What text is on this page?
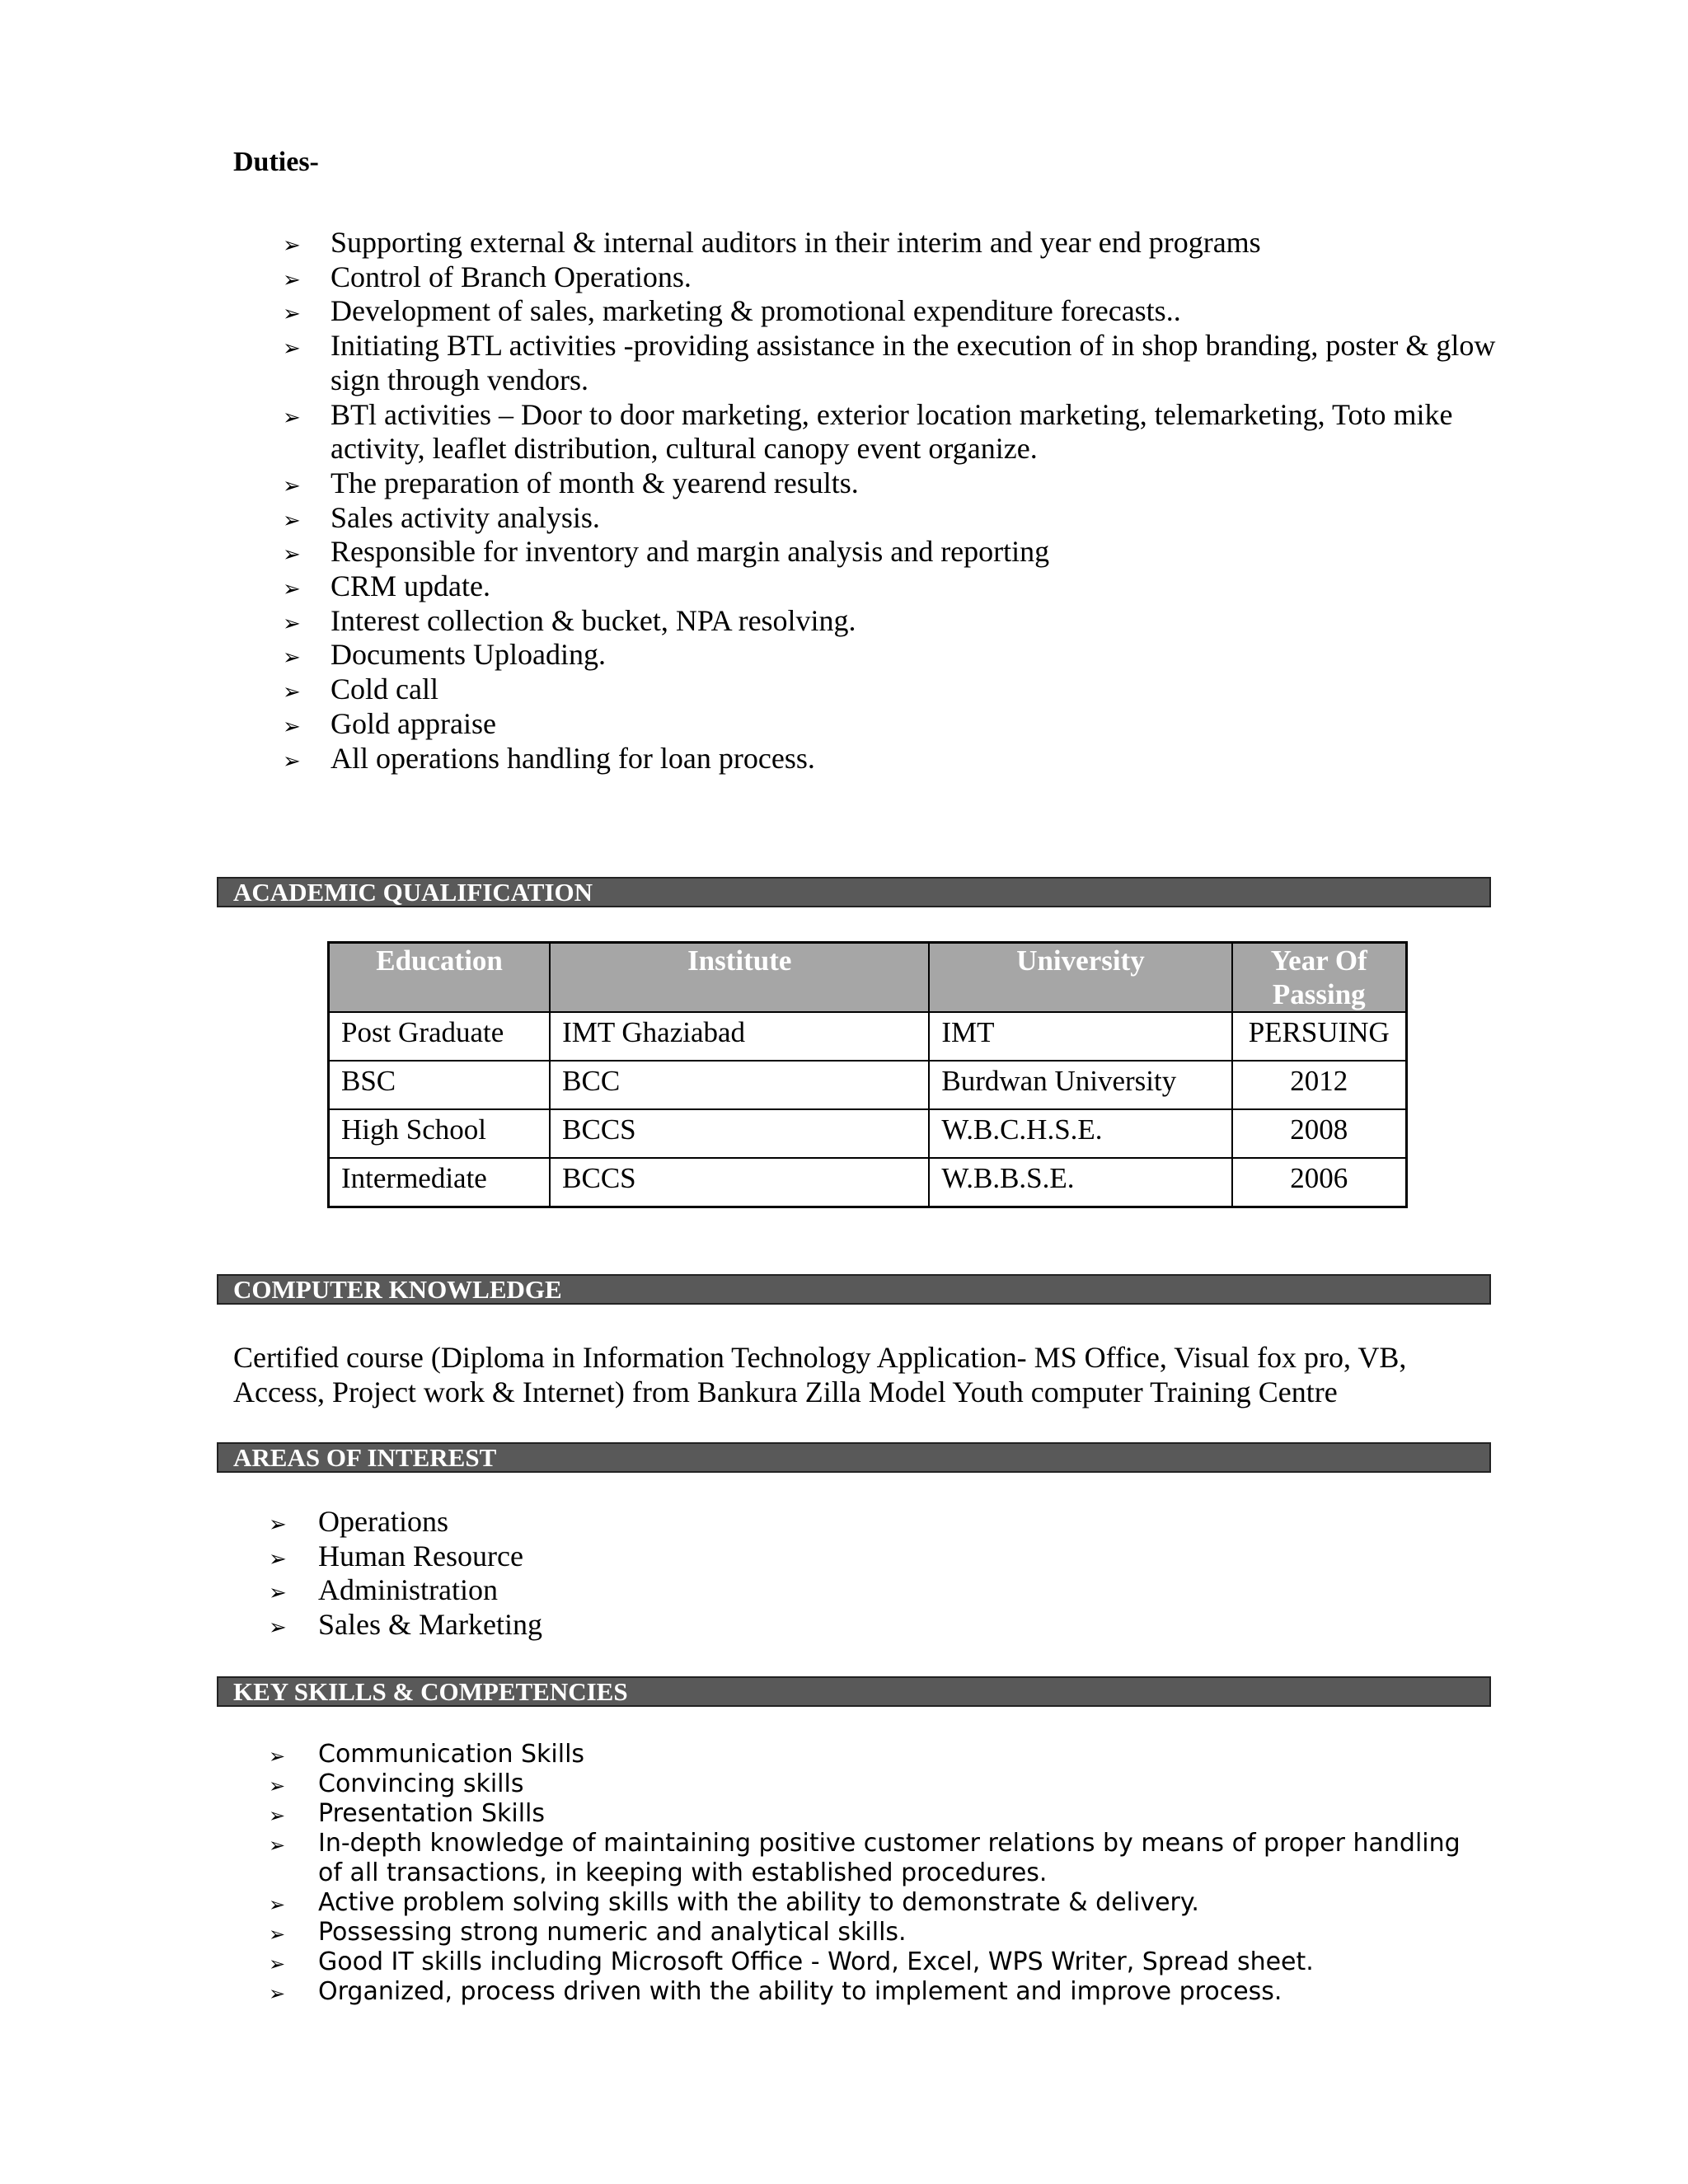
Duties-
➢ Supporting external & internal auditors in their interim and year end programs
➢ Control of Branch Operations.
➢ Development of sales, marketing & promotional expenditure forecasts..
➢ Initiating BTL activities -providing assistance in the execution of in shop branding, poster & glow sign through vendors.
➢ BTl activities – Door to door marketing, exterior location marketing, telemarketing, Toto mike activity, leaflet distribution, cultural canopy event organize.
➢ The preparation of month & yearend results.
➢ Sales activity analysis.
➢ Responsible for inventory and margin analysis and reporting
➢ CRM update.
➢ Interest collection & bucket, NPA resolving.
➢ Documents Uploading.
➢ Cold call
➢ Gold appraise
➢ All operations handling for loan process.
ACADEMIC QUALIFICATION
Education	Institute	University	Year Of Passing
Post Graduate	IMT Ghaziabad	IMT	PERSUING
BSC	BCC	Burdwan University	2012
High School	BCCS	W.B.C.H.S.E.	2008
Intermediate	BCCS	W.B.B.S.E.	2006
COMPUTER KNOWLEDGE
Certified course (Diploma in Information Technology Application- MS Office, Visual fox pro, VB, Access, Project work & Internet) from Bankura Zilla Model Youth computer Training Centre
AREAS OF INTEREST
➢ Operations
➢ Human Resource
➢ Administration
➢ Sales & Marketing
KEY SKILLS & COMPETENCIES
➢ Communication Skills
➢ Convincing skills
➢ Presentation Skills
➢ In-depth knowledge of maintaining positive customer relations by means of proper handling of all transactions, in keeping with established procedures.
➢ Active problem solving skills with the ability to demonstrate & delivery.
➢ Possessing strong numeric and analytical skills.
➢ Good IT skills including Microsoft Office - Word, Excel, WPS Writer, Spread sheet.
➢ Organized, process driven with the ability to implement and improve process.
